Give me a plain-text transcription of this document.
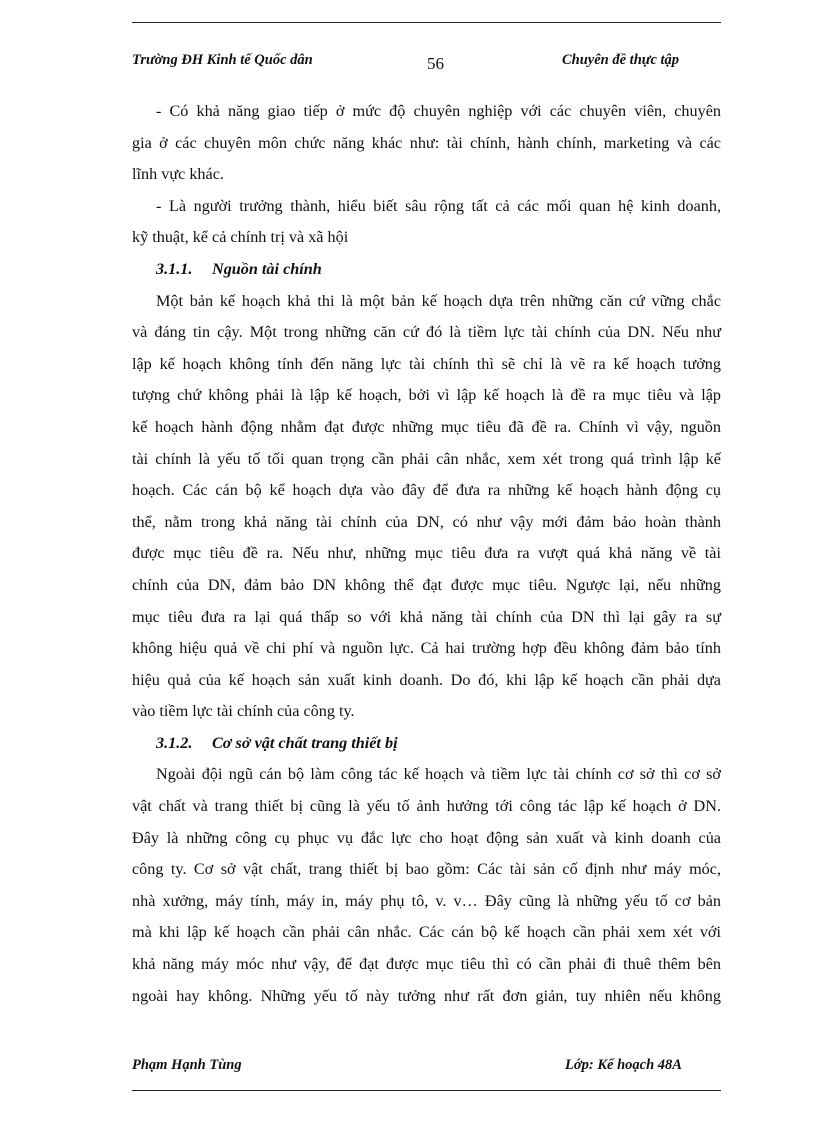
Trường ĐH Kinh tế Quốc dân	56	Chuyên đề thực tập
- Có khả năng giao tiếp ở mức độ chuyên nghiệp với các chuyên viên, chuyên
gia ở các chuyên môn chức năng khác như: tài chính, hành chính, marketing và các
lĩnh vực khác.
- Là người trưởng thành, hiểu biết sâu rộng tất cả các mối quan hệ kinh doanh,
kỹ thuật, kể cả chính trị và xã hội
3.1.1. Nguồn tài chính
Một bản kế hoạch khả thi là một bản kế hoạch dựa trên những căn cứ vững chắc
và đáng tin cậy. Một trong những căn cứ đó là tiềm lực tài chính của DN. Nếu như
lập kế hoạch không tính đến năng lực tài chính thì sẽ chỉ là vẽ ra kế hoạch tưởng
tượng chứ không phải là lập kế hoạch, bởi vì lập kế hoạch là đề ra mục tiêu và lập
kế hoạch hành động nhằm đạt được những mục tiêu đã đề ra. Chính vì vậy, nguồn
tài chính là yếu tố tối quan trọng cần phải cân nhắc, xem xét trong quá trình lập kế
hoạch. Các cán bộ kế hoạch dựa vào đây để đưa ra những kế hoạch hành động cụ
thể, nằm trong khả năng tài chính của DN, có như vậy mới đảm bảo hoàn thành
được mục tiêu đề ra. Nếu như, những mục tiêu đưa ra vượt quá khả năng về tài
chính của DN, đảm bảo DN không thể đạt được mục tiêu. Ngược lại, nếu những
mục tiêu đưa ra lại quá thấp so với khả năng tài chính của DN thì lại gây ra sự
không hiệu quả về chi phí và nguồn lực. Cả hai trường hợp đều không đảm bảo tính
hiệu quả của kế hoạch sản xuất kinh doanh. Do đó, khi lập kế hoạch cần phải dựa
vào tiềm lực tài chính của công ty.
3.1.2. Cơ sở vật chất trang thiết bị
Ngoài đội ngũ cán bộ làm công tác kế hoạch và tiềm lực tài chính cơ sở thì cơ sở
vật chất và trang thiết bị cũng là yếu tố ảnh hưởng tới công tác lập kế hoạch ở DN.
Đây là những công cụ phục vụ đắc lực cho hoạt động sản xuất và kinh doanh của
công ty. Cơ sở vật chất, trang thiết bị bao gồm: Các tài sản cố định như máy móc,
nhà xưởng, máy tính, máy in, máy phụ tô, v. v… Đây cũng là những yếu tố cơ bản
mà khi lập kế hoạch cần phải cân nhắc. Các cán bộ kế hoạch cần phải xem xét với
khả năng máy móc như vậy, để đạt được mục tiêu thì có cần phải đi thuê thêm bên
ngoài hay không. Những yếu tố này tưởng như rất đơn giản, tuy nhiên nếu không
Phạm Hạnh Tùng	Lớp: Kế hoạch 48A
